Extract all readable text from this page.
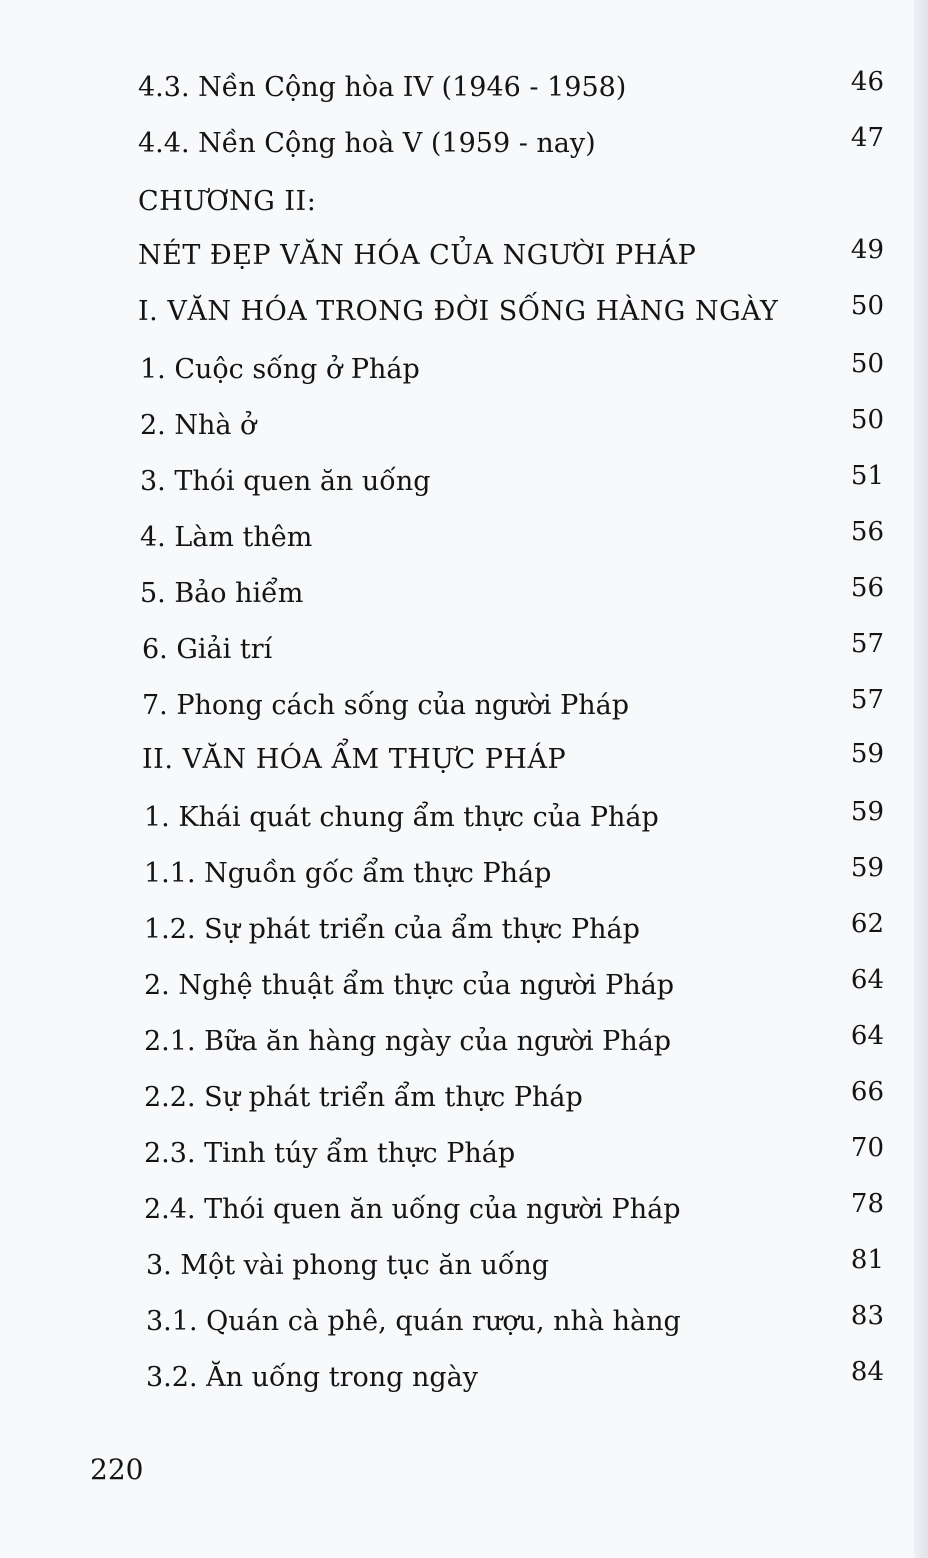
4.3. Nền Cộng hòa IV (1946 - 1958)	46
4.4. Nền Cộng hoà V (1959 - nay)	47
CHƯƠNG II:
NÉT ĐẸP VĂN HÓA CỦA NGƯỜI PHÁP	49
I. VĂN HÓA TRONG ĐỜI SỐNG HÀNG NGÀY	50
1. Cuộc sống ở Pháp	50
2. Nhà ở	50
3. Thói quen ăn uống	51
4. Làm thêm	56
5. Bảo hiểm	56
6. Giải trí	57
7. Phong cách sống của người Pháp	57
II. VĂN HÓA ẨM THỰC PHÁP	59
1. Khái quát chung ẩm thực của Pháp	59
1.1. Nguồn gốc ẩm thực Pháp	59
1.2. Sự phát triển của ẩm thực Pháp	62
2. Nghệ thuật ẩm thực của người Pháp	64
2.1. Bữa ăn hàng ngày của người Pháp	64
2.2. Sự phát triển ẩm thực Pháp	66
2.3. Tinh túy ẩm thực Pháp	70
2.4. Thói quen ăn uống của người Pháp	78
3. Một vài phong tục ăn uống	81
3.1. Quán cà phê, quán rượu, nhà hàng	83
3.2. Ăn uống trong ngày	84
220
